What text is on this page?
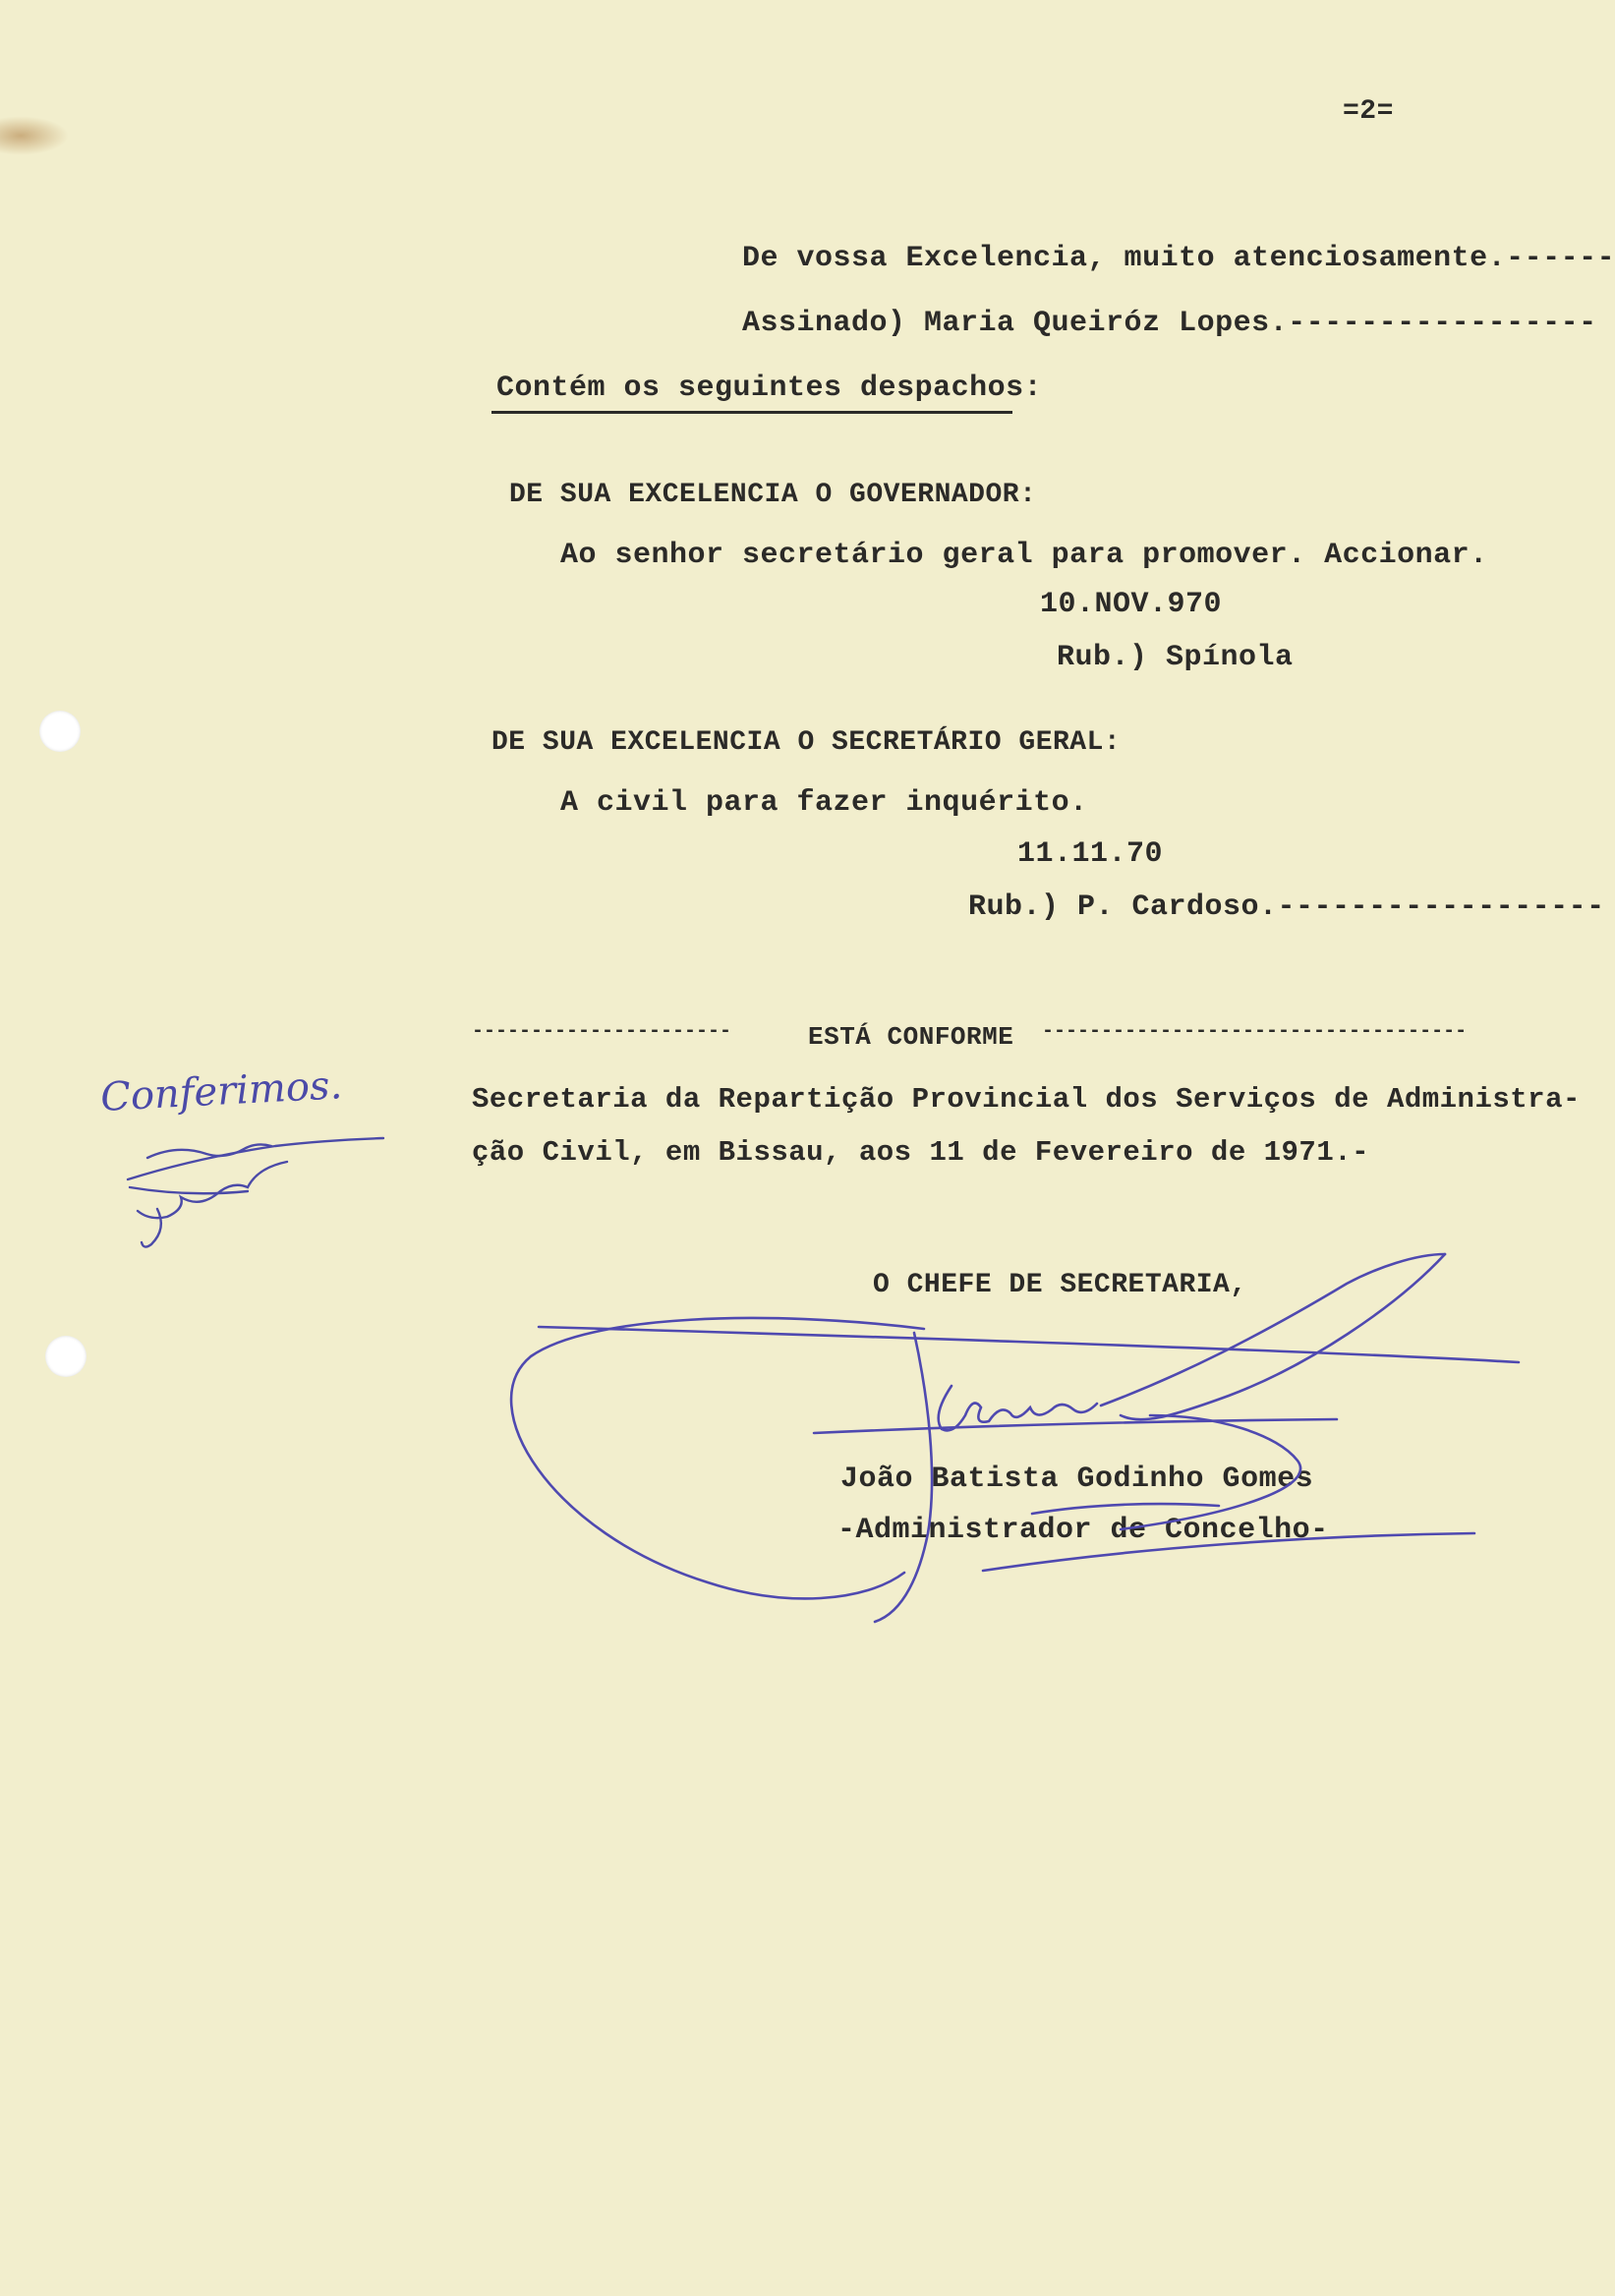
=2=
De vossa Excelencia, muito atenciosamente.------
Assinado) Maria Queiróz Lopes.-----------------
Contém os seguintes despachos:
DE SUA EXCELENCIA O GOVERNADOR:
Ao senhor secretário geral para promover. Accionar.
10.NOV.970
Rub.) Spínola
DE SUA EXCELENCIA O SECRETÁRIO GERAL:
A civil para fazer inquérito.
11.11.70
Rub.) P. Cardoso.------------------
----------------------	ESTÁ CONFORME ------------------------------------
Secretaria da Repartição Provincial dos Serviços de Administra-
ção Civil, em Bissau, aos 11 de Fevereiro de 1971.-
O CHEFE DE SECRETARIA,
João Batista Godinho Gomes
-Administrador de Concelho-
Conferimos.
